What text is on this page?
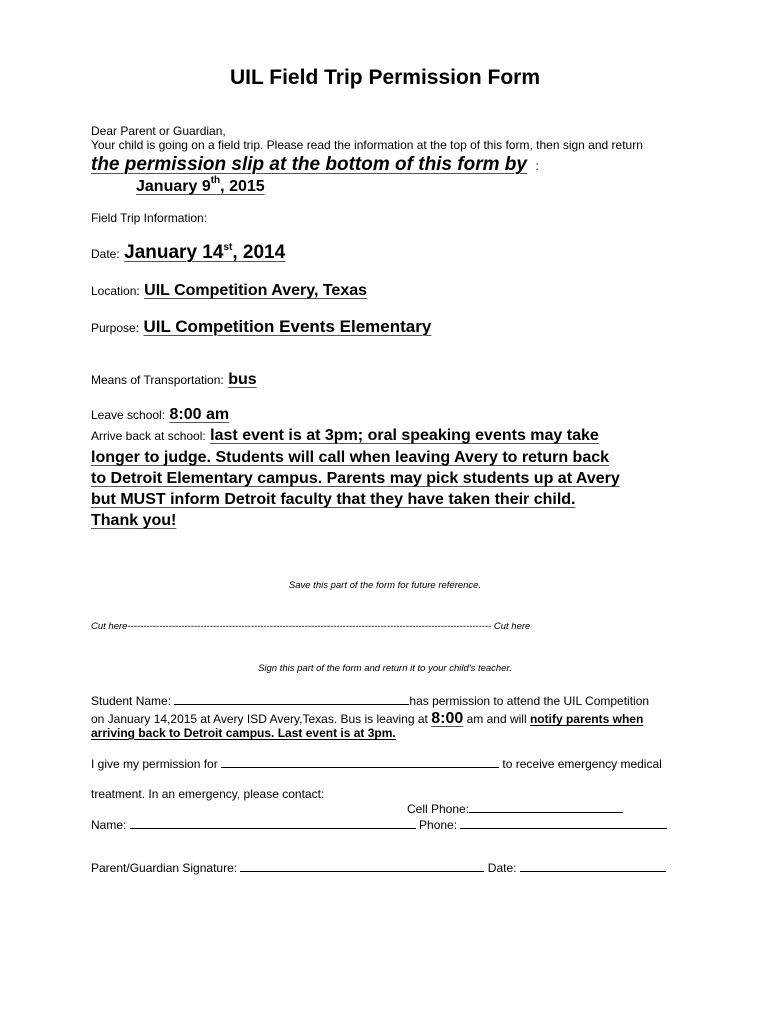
UIL Field Trip Permission Form
Dear Parent or Guardian,
Your child is going on a field trip. Please read the information at the top of this form, then sign and return
the permission slip at the bottom of this form by :
January 9th, 2015
Field Trip Information:
Date: January 14st, 2014
Location: UIL Competition Avery, Texas
Purpose: UIL Competition Events Elementary
Means of Transportation: bus
Leave school: 8:00 am
Arrive back at school: last event is at 3pm; oral speaking events may take
longer to judge. Students will call when leaving Avery to return back
to Detroit Elementary campus. Parents may pick students up at Avery
but MUST inform Detroit faculty that they have taken their child.
Thank you!
Save this part of the form for future reference.
Cut here------------------------------------------------------------------------------------------------------------------- Cut here
Sign this part of the form and return it to your child's teacher.
Student Name:	has permission to attend the UIL Competition
on January 14,2015 at Avery ISD Avery,Texas. Bus is leaving at 8:00 am and will notify parents when
arriving back to Detroit campus. Last event is at 3pm.
I give my permission for	to receive emergency medical
treatment. In an emergency, please contact:
Cell Phone:
Name:	Phone:
Parent/Guardian Signature:	Date:
